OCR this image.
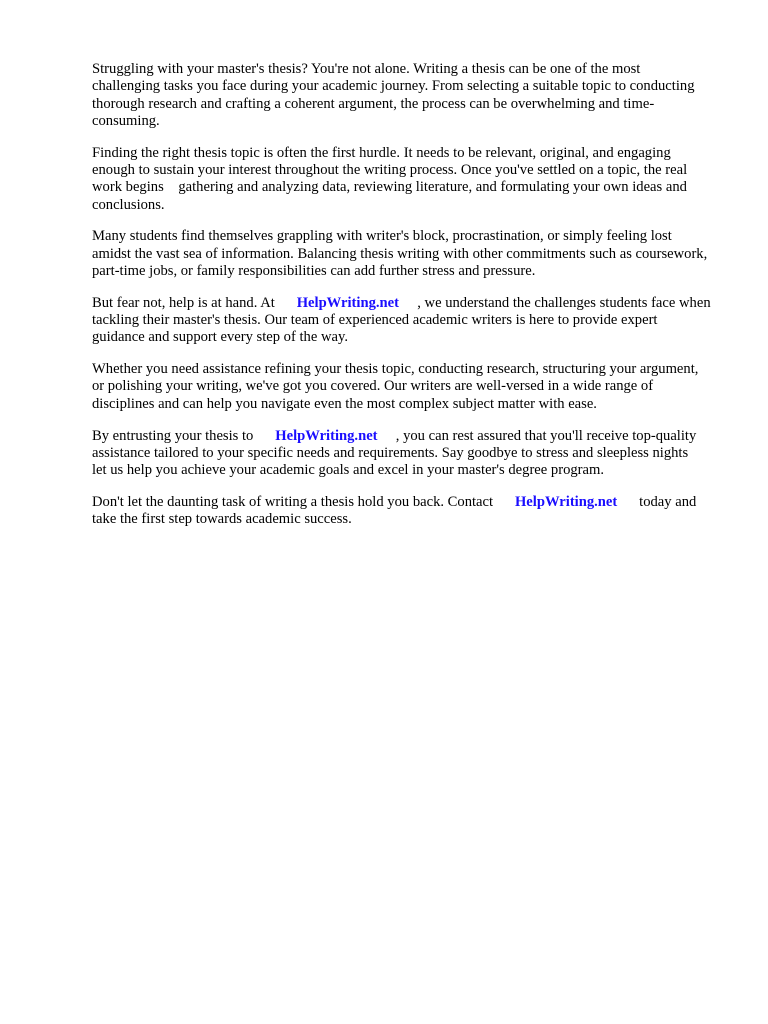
Struggling with your master's thesis? You're not alone. Writing a thesis can be one of the most challenging tasks you face during your academic journey. From selecting a suitable topic to conducting thorough research and crafting a coherent argument, the process can be overwhelming and time-consuming.

Finding the right thesis topic is often the first hurdle. It needs to be relevant, original, and engaging enough to sustain your interest throughout the writing process. Once you've settled on a topic, the real work begins    gathering and analyzing data, reviewing literature, and formulating your own ideas and conclusions.

Many students find themselves grappling with writer's block, procrastination, or simply feeling lost amidst the vast sea of information. Balancing thesis writing with other commitments such as coursework, part-time jobs, or family responsibilities can add further stress and pressure.

But fear not, help is at hand. At      HelpWriting.net     , we understand the challenges students face when tackling their master's thesis. Our team of experienced academic writers is here to provide expert guidance and support every step of the way.

Whether you need assistance refining your thesis topic, conducting research, structuring your argument, or polishing your writing, we've got you covered. Our writers are well-versed in a wide range of disciplines and can help you navigate even the most complex subject matter with ease.

By entrusting your thesis to      HelpWriting.net     , you can rest assured that you'll receive top-quality assistance tailored to your specific needs and requirements. Say goodbye to stress and sleepless nights    let us help you achieve your academic goals and excel in your master's degree program.

Don't let the daunting task of writing a thesis hold you back. Contact      HelpWriting.net      today and take the first step towards academic success.
